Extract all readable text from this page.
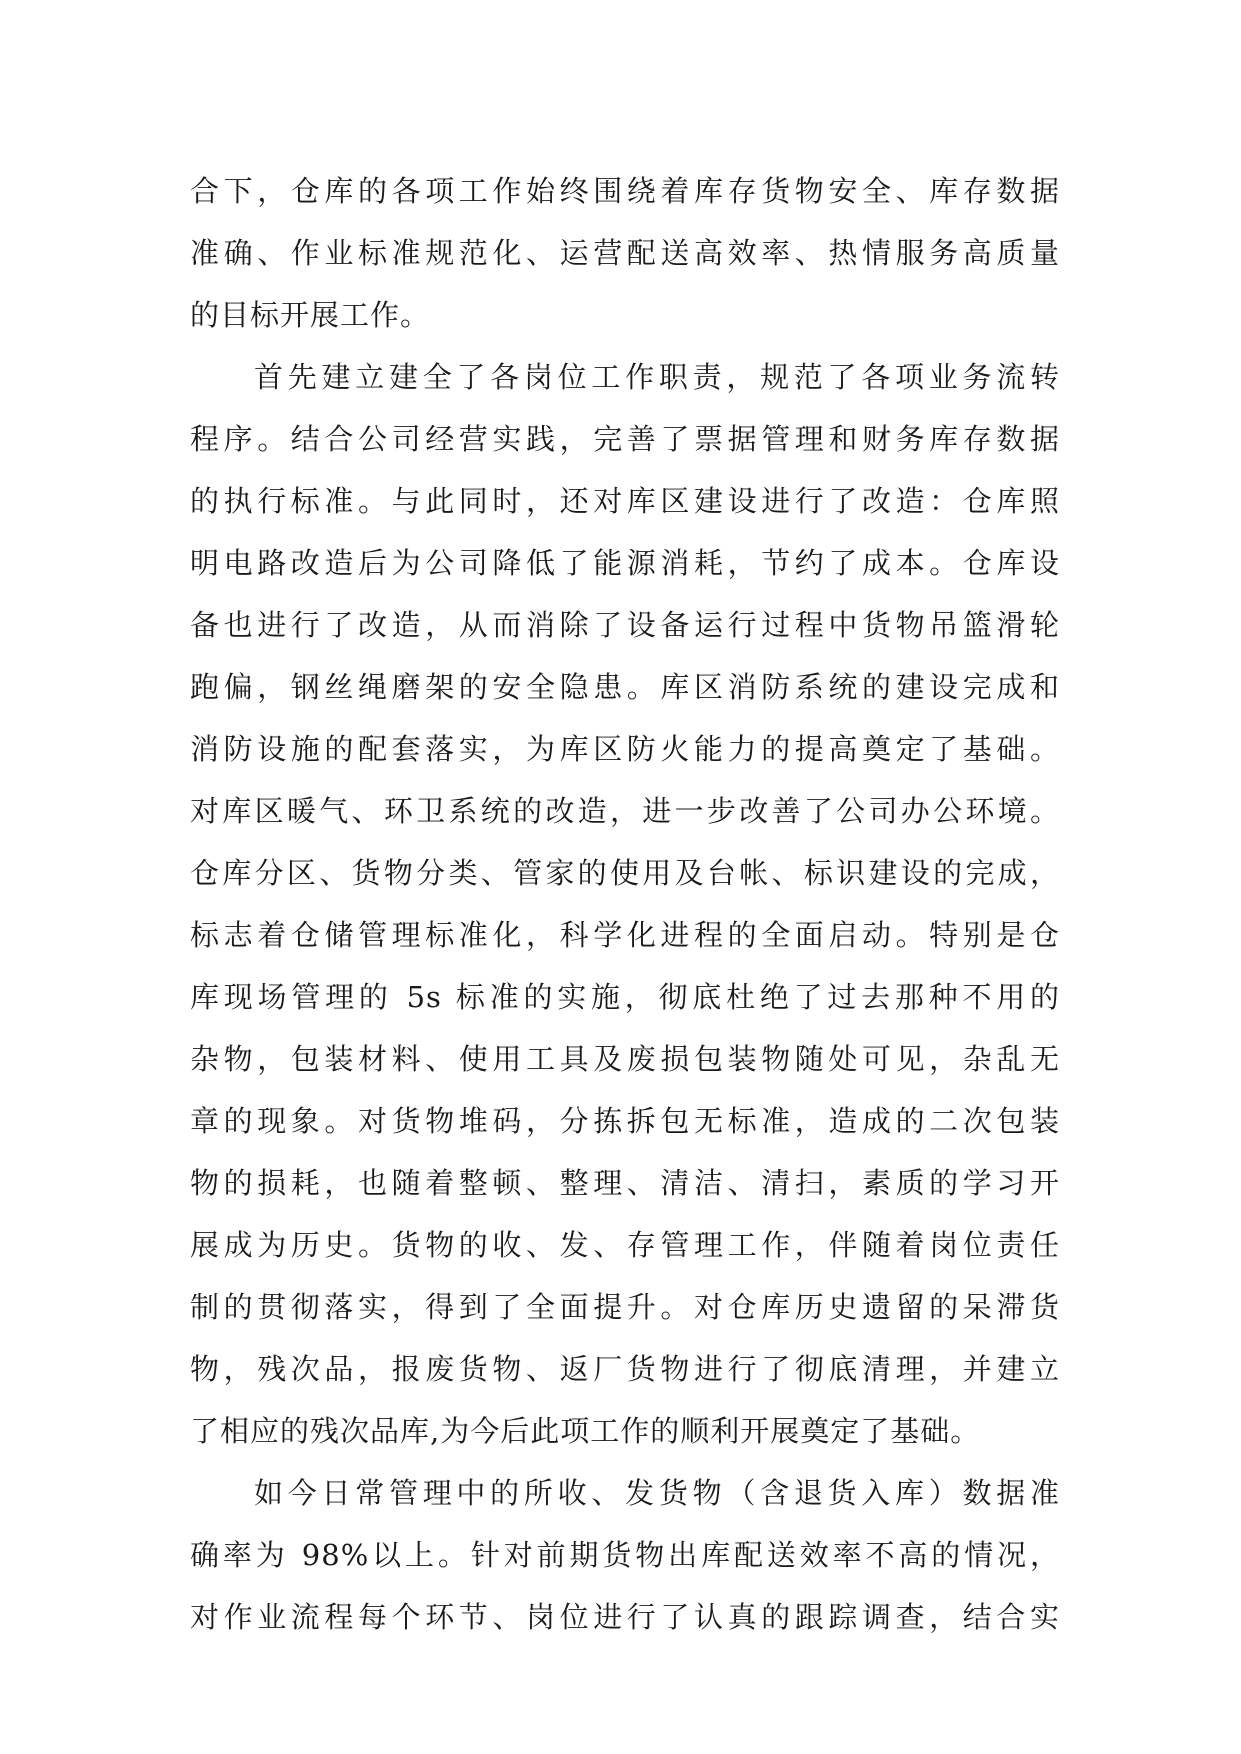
合下，仓库的各项工作始终围绕着库存货物安全、库存数据
准确、作业标准规范化、运营配送高效率、热情服务高质量
的目标开展工作。
首先建立建全了各岗位工作职责，规范了各项业务流转
程序。结合公司经营实践，完善了票据管理和财务库存数据
的执行标准。与此同时，还对库区建设进行了改造：仓库照
明电路改造后为公司降低了能源消耗，节约了成本。仓库设
备也进行了改造，从而消除了设备运行过程中货物吊篮滑轮
跑偏，钢丝绳磨架的安全隐患。库区消防系统的建设完成和
消防设施的配套落实，为库区防火能力的提高奠定了基础。
对库区暖气、环卫系统的改造，进一步改善了公司办公环境。
仓库分区、货物分类、管家的使用及台帐、标识建设的完成，
标志着仓储管理标准化，科学化进程的全面启动。特别是仓
库现场管理的 5s 标准的实施，彻底杜绝了过去那种不用的
杂物，包装材料、使用工具及废损包装物随处可见，杂乱无
章的现象。对货物堆码，分拣拆包无标准，造成的二次包装
物的损耗，也随着整顿、整理、清洁、清扫，素质的学习开
展成为历史。货物的收、发、存管理工作，伴随着岗位责任
制的贯彻落实，得到了全面提升。对仓库历史遗留的呆滞货
物，残次品，报废货物、返厂货物进行了彻底清理，并建立
了相应的残次品库,为今后此项工作的顺利开展奠定了基础。
如今日常管理中的所收、发货物（含退货入库）数据准
确率为 98%以上。针对前期货物出库配送效率不高的情况，
对作业流程每个环节、岗位进行了认真的跟踪调查，结合实
